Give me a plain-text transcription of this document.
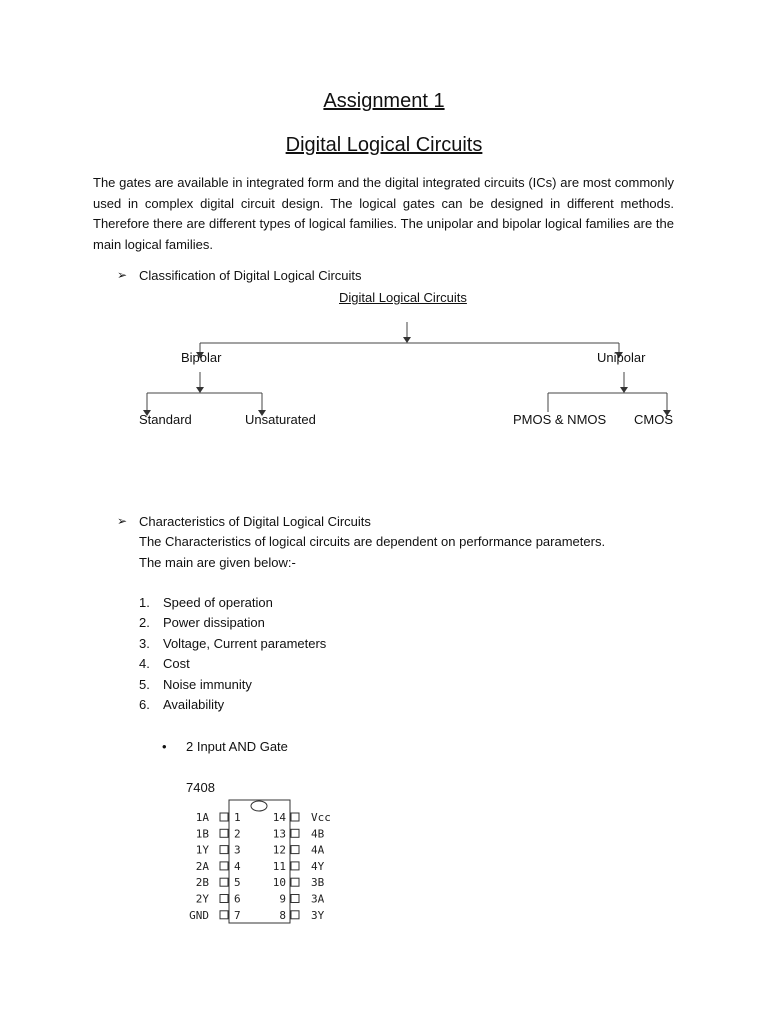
Assignment 1
Digital Logical Circuits
The gates are available in integrated form and the digital integrated circuits (ICs) are most commonly used in complex digital circuit design. The logical gates can be designed in different methods. Therefore there are different types of logical families. The unipolar and bipolar logical families are the main logical families.
➢ Classification of Digital Logical Circuits
Digital Logical Circuits
Bipolar	Unipolar
Standard	Unsaturated	PMOS & NMOS CMOS
➢ Characteristics of Digital Logical Circuits
The Characteristics of logical circuits are dependent on performance parameters.
The main are given below:-
1. Speed of operation
2. Power dissipation
3. Voltage, Current parameters
4. Cost
5. Noise immunity
6. Availability
• 2 Input AND Gate
7408
1A 1
1B 2
1Y 3
2A 4
2B 5
2Y 6
GND 7
14 Vcc
13 4B
12 4A
11 4Y
10 3B
9 3A
8 3Y
